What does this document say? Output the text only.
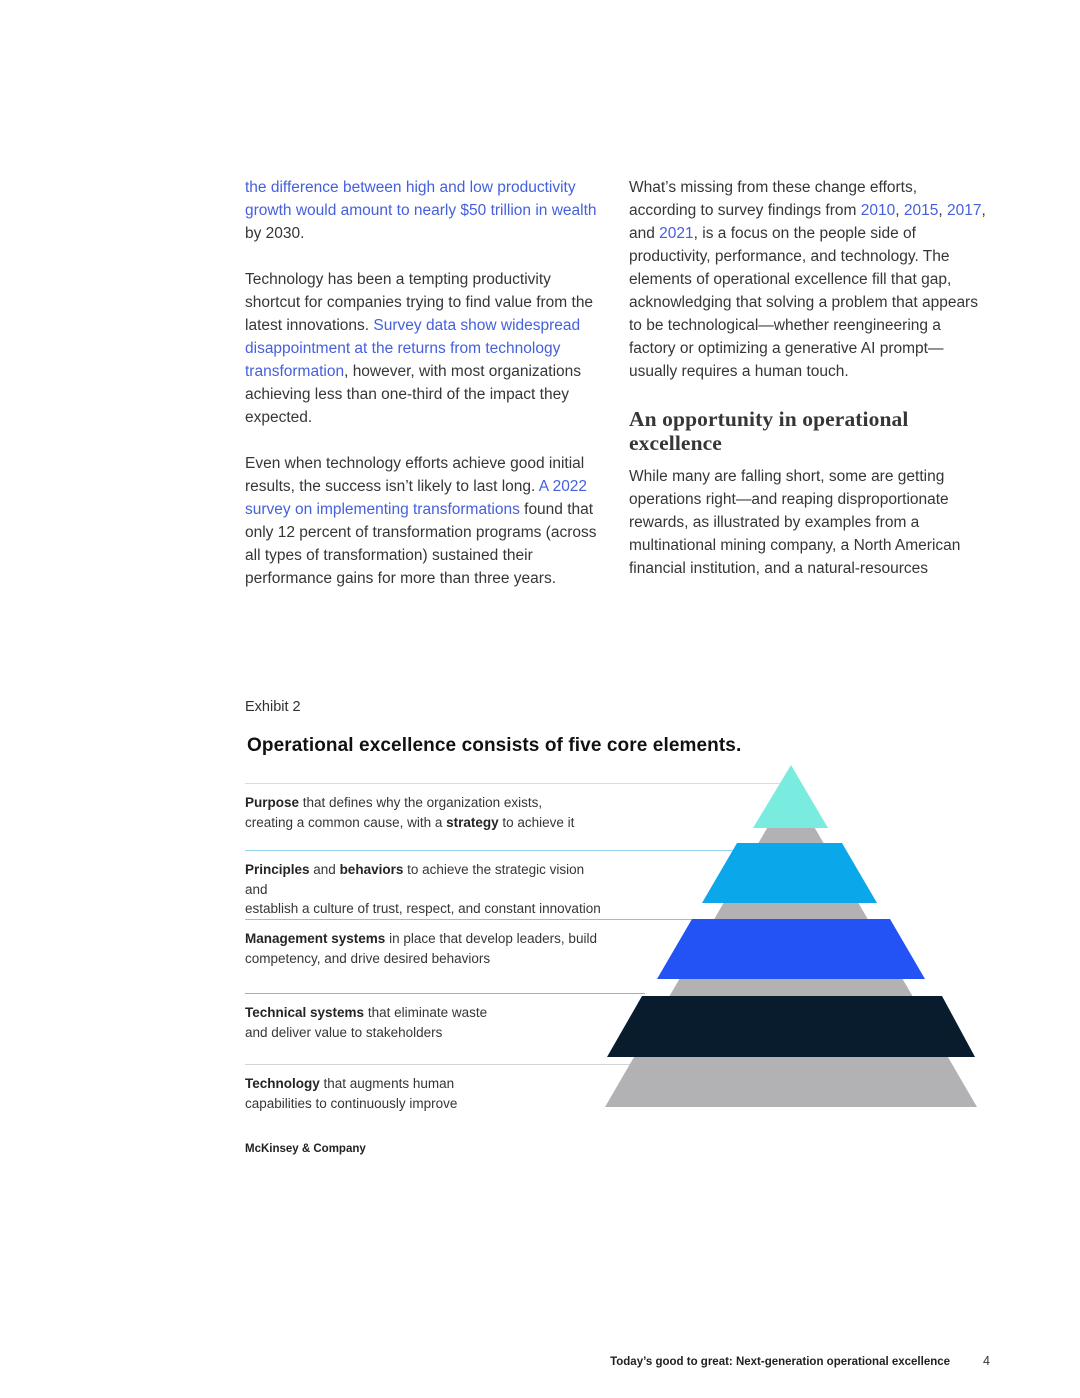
the difference between high and low productivity growth would amount to nearly $50 trillion in wealth by 2030.

Technology has been a tempting productivity shortcut for companies trying to find value from the latest innovations. Survey data show widespread disappointment at the returns from technology transformation, however, with most organizations achieving less than one-third of the impact they expected.

Even when technology efforts achieve good initial results, the success isn’t likely to last long. A 2022 survey on implementing transformations found that only 12 percent of transformation programs (across all types of transformation) sustained their performance gains for more than three years.

What’s missing from these change efforts, according to survey findings from 2010, 2015, 2017, and 2021, is a focus on the people side of productivity, performance, and technology. The elements of operational excellence fill that gap, acknowledging that solving a problem that appears to be technological—whether reengineering a factory or optimizing a generative AI prompt—usually requires a human touch.

An opportunity in operational
excellence

While many are falling short, some are getting operations right—and reaping disproportionate rewards, as illustrated by examples from a multinational mining company, a North American financial institution, and a natural-resources

Exhibit 2
Operational excellence consists of five core elements.
Purpose that defines why the organization exists,
creating a common cause, with a strategy to achieve it
Principles and behaviors to achieve the strategic vision and
establish a culture of trust, respect, and constant innovation
Management systems in place that develop leaders, build
competency, and drive desired behaviors
Technical systems that eliminate waste
and deliver value to stakeholders
Technology that augments human
capabilities to continuously improve
McKinsey & Company
Today’s good to great: Next-generation operational excellence	4
